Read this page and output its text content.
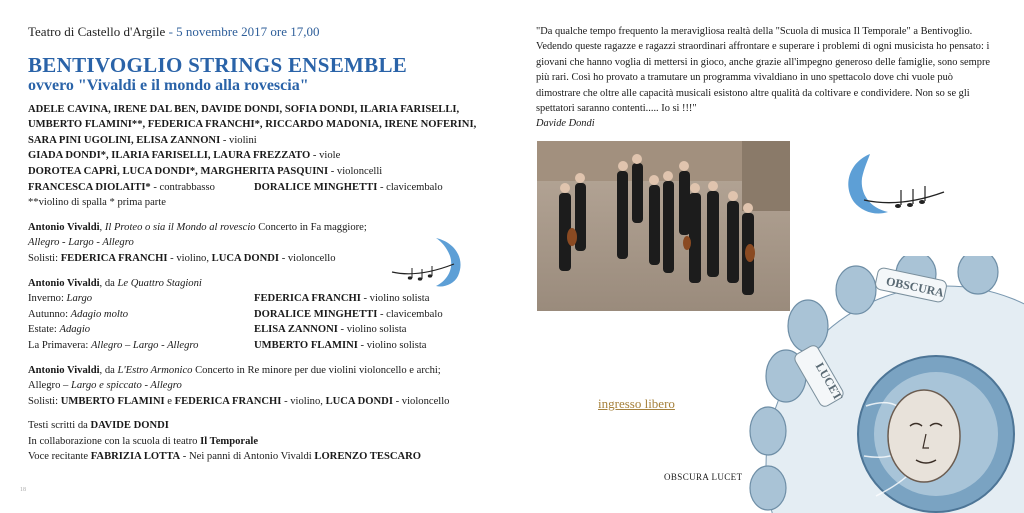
Teatro di Castello d'Argile - 5 novembre 2017 ore 17,00

BENTIVOGLIO STRINGS ENSEMBLE
ovvero "Vivaldi e il mondo alla rovescia"
ADELE CAVINA, IRENE DAL BEN, DAVIDE DONDI, SOFIA DONDI, ILARIA FARISELLI, UMBERTO FLAMINI**, FEDERICA FRANCHI*, RICCARDO MADONIA, IRENE NOFERINI, SARA PINI UGOLINI, ELISA ZANNONI - violini
GIADA DONDI*, ILARIA FARISELLI, LAURA FREZZATO - viole
DOROTEA CAPRÌ, LUCA DONDI*, MARGHERITA PASQUINI - violoncelli
FRANCESCA DIOLAITI* - contrabbasso	DORALICE MINGHETTI - clavicembalo
**violino di spalla * prima parte
Antonio Vivaldi, Il Proteo o sia il Mondo al rovescio Concerto in Fa maggiore;
Allegro - Largo - Allegro
Solisti: FEDERICA FRANCHI - violino, LUCA DONDI - violoncello
Antonio Vivaldi, da Le Quattro Stagioni
Inverno: Largo	FEDERICA FRANCHI - violino solista
Autunno: Adagio molto	DORALICE MINGHETTI - clavicembalo
Estate: Adagio	ELISA ZANNONI - violino solista
La Primavera: Allegro – Largo - Allegro	UMBERTO FLAMINI - violino solista
Antonio Vivaldi, da L'Estro Armonico Concerto in Re minore per due violini violoncello e archi;
Allegro – Largo e spiccato - Allegro
Solisti: UMBERTO FLAMINI e FEDERICA FRANCHI - violino, LUCA DONDI - violoncello
Testi scritti da DAVIDE DONDI
In collaborazione con la scuola di teatro Il Temporale
Voce recitante FABRIZIA LOTTA - Nei panni di Antonio Vivaldi LORENZO TESCARO
18
"Da qualche tempo frequento la meravigliosa realtà della "Scuola di musica Il Temporale" a Bentivoglio. Vedendo queste ragazze e ragazzi straordinari affrontare e superare i problemi di ogni musicista ho pensato: i giovani che hanno voglia di mettersi in gioco, anche grazie all'impegno generoso delle famiglie, sono sempre più rari. Così ho provato a tramutare un programma vivaldiano in uno spettacolo dove chi vuole può dimostrare che oltre alle capacità musicali esistono altre qualità da coltivare e condividere. Non so se gli spettatori saranno contenti..... Io si !!!"
Davide Dondi
ingresso libero
OBSCURA LUCET
OBSCURA
LUCET
